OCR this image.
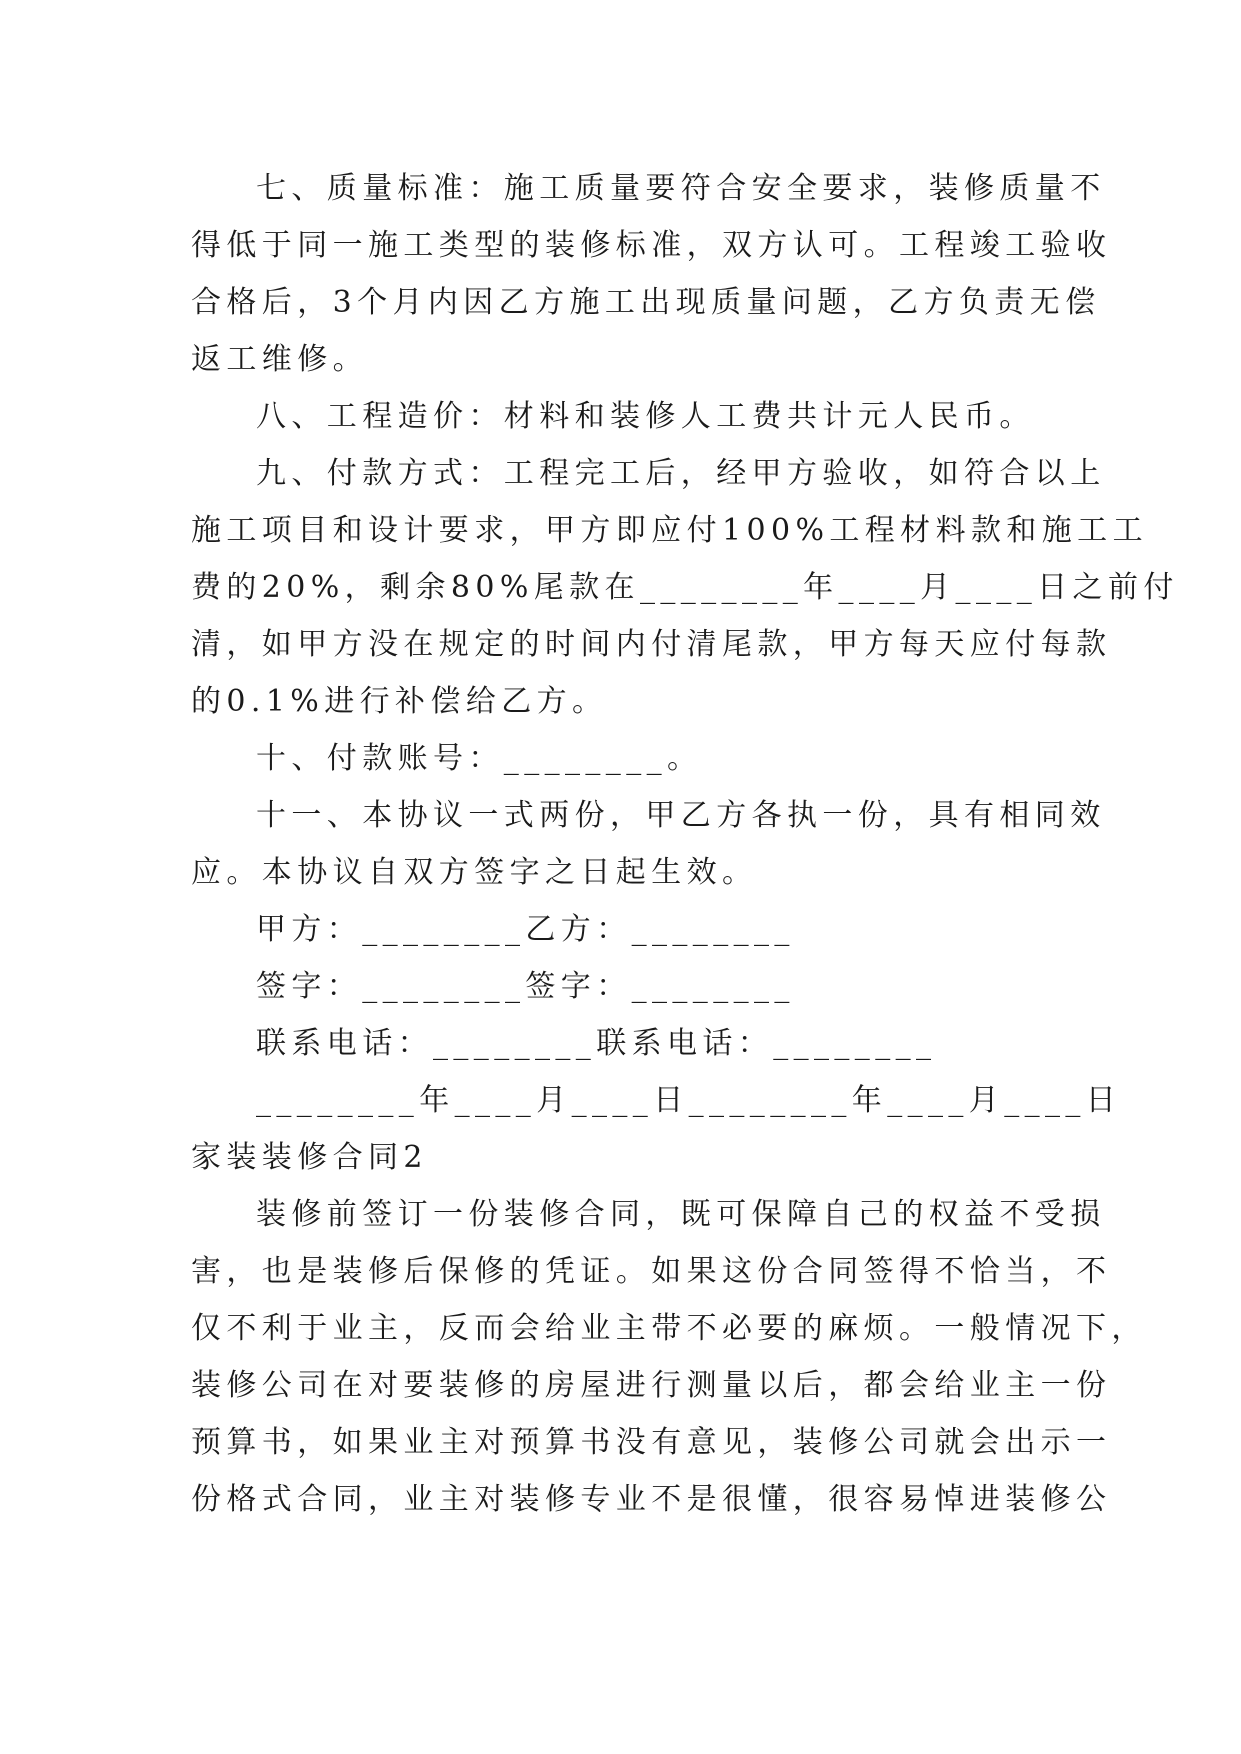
七、质量标准：施工质量要符合安全要求，装修质量不
得低于同一施工类型的装修标准，双方认可。工程竣工验收
合格后，3个月内因乙方施工出现质量问题，乙方负责无偿
返工维修。
八、工程造价：材料和装修人工费共计元人民币。
九、付款方式：工程完工后，经甲方验收，如符合以上
施工项目和设计要求，甲方即应付100%工程材料款和施工工
费的20%，剩余80%尾款在________年____月____日之前付
清，如甲方没在规定的时间内付清尾款，甲方每天应付每款
的0.1%进行补偿给乙方。
十、付款账号：________。
十一、本协议一式两份，甲乙方各执一份，具有相同效
应。本协议自双方签字之日起生效。
甲方：________乙方：________
签字：________签字：________
联系电话：________联系电话：________
________年____月____日________年____月____日
家装装修合同2
装修前签订一份装修合同，既可保障自己的权益不受损
害，也是装修后保修的凭证。如果这份合同签得不恰当，不
仅不利于业主，反而会给业主带不必要的麻烦。一般情况下，
装修公司在对要装修的房屋进行测量以后，都会给业主一份
预算书，如果业主对预算书没有意见，装修公司就会出示一
份格式合同，业主对装修专业不是很懂，很容易悼进装修公
